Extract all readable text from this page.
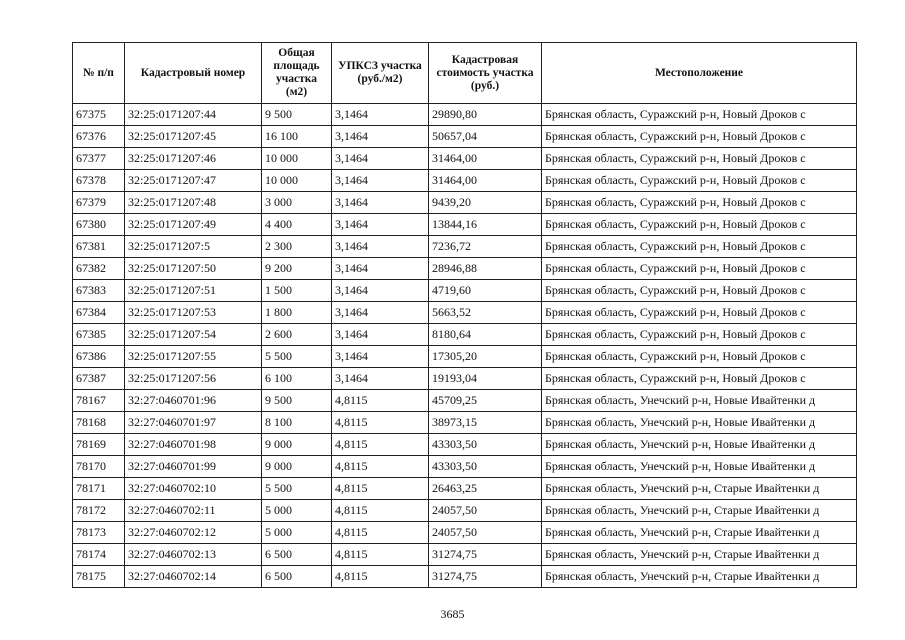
№ п/п	Кадастровый номер	Общая площадь участка (м2)	УПКСЗ участка (руб./м2)	Кадастровая стоимость участка (руб.)	Местоположение
67375	32:25:0171207:44	9 500	3,1464	29890,80	Брянская область, Суражский р-н, Новый Дроков с
67376	32:25:0171207:45	16 100	3,1464	50657,04	Брянская область, Суражский р-н, Новый Дроков с
67377	32:25:0171207:46	10 000	3,1464	31464,00	Брянская область, Суражский р-н, Новый Дроков с
67378	32:25:0171207:47	10 000	3,1464	31464,00	Брянская область, Суражский р-н, Новый Дроков с
67379	32:25:0171207:48	3 000	3,1464	9439,20	Брянская область, Суражский р-н, Новый Дроков с
67380	32:25:0171207:49	4 400	3,1464	13844,16	Брянская область, Суражский р-н, Новый Дроков с
67381	32:25:0171207:5	2 300	3,1464	7236,72	Брянская область, Суражский р-н, Новый Дроков с
67382	32:25:0171207:50	9 200	3,1464	28946,88	Брянская область, Суражский р-н, Новый Дроков с
67383	32:25:0171207:51	1 500	3,1464	4719,60	Брянская область, Суражский р-н, Новый Дроков с
67384	32:25:0171207:53	1 800	3,1464	5663,52	Брянская область, Суражский р-н, Новый Дроков с
67385	32:25:0171207:54	2 600	3,1464	8180,64	Брянская область, Суражский р-н, Новый Дроков с
67386	32:25:0171207:55	5 500	3,1464	17305,20	Брянская область, Суражский р-н, Новый Дроков с
67387	32:25:0171207:56	6 100	3,1464	19193,04	Брянская область, Суражский р-н, Новый Дроков с
78167	32:27:0460701:96	9 500	4,8115	45709,25	Брянская область, Унечский р-н, Новые Ивайтенки д
78168	32:27:0460701:97	8 100	4,8115	38973,15	Брянская область, Унечский р-н, Новые Ивайтенки д
78169	32:27:0460701:98	9 000	4,8115	43303,50	Брянская область, Унечский р-н, Новые Ивайтенки д
78170	32:27:0460701:99	9 000	4,8115	43303,50	Брянская область, Унечский р-н, Новые Ивайтенки д
78171	32:27:0460702:10	5 500	4,8115	26463,25	Брянская область, Унечский р-н, Старые Ивайтенки д
78172	32:27:0460702:11	5 000	4,8115	24057,50	Брянская область, Унечский р-н, Старые Ивайтенки д
78173	32:27:0460702:12	5 000	4,8115	24057,50	Брянская область, Унечский р-н, Старые Ивайтенки д
78174	32:27:0460702:13	6 500	4,8115	31274,75	Брянская область, Унечский р-н, Старые Ивайтенки д
78175	32:27:0460702:14	6 500	4,8115	31274,75	Брянская область, Унечский р-н, Старые Ивайтенки д
3685
